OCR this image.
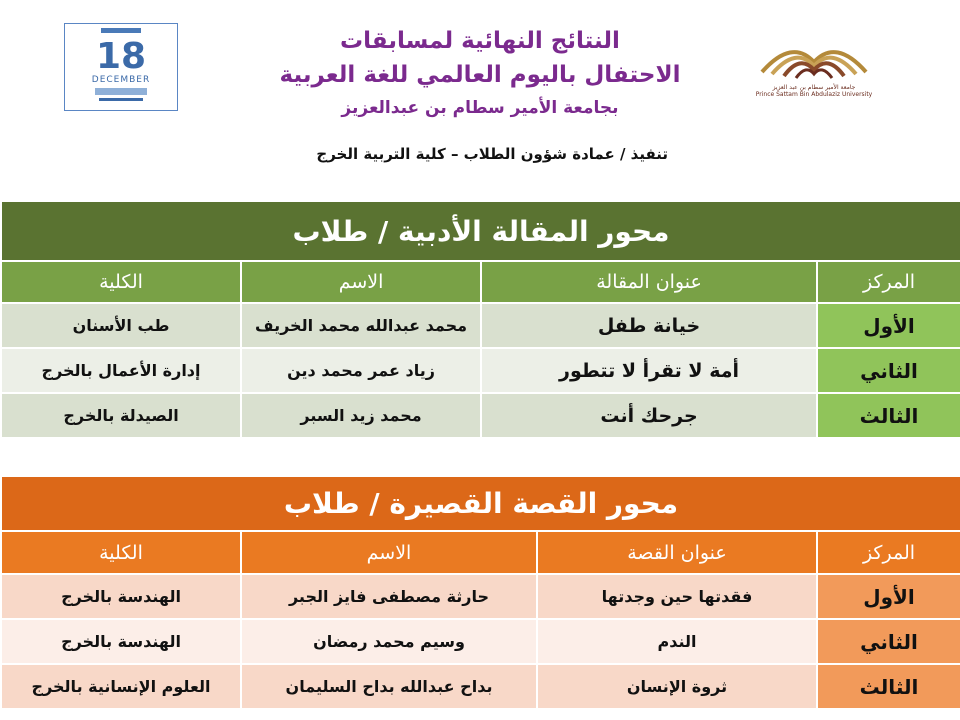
18
DECEMBER
النتائج النهائية لمسابقات
الاحتفال باليوم العالمي للغة العربية
بجامعة الأمير سطام بن عبدالعزيز
جامعة الأمير سطام بن عبد العزيز
Prince Sattam Bin Abdulaziz University
تنفيذ / عمادة شؤون الطلاب – كلية التربية الخرج
محور المقالة الأدبية / طلاب			
المركز	عنوان المقالة	الاسم	الكلية
الأول	خيانة طفل	محمد عبدالله محمد الخريف	طب الأسنان
الثاني	أمة لا تقرأ لا تتطور	زياد عمر محمد دين	إدارة الأعمال بالخرج
الثالث	جرحك أنت	محمد زيد السبر	الصيدلة بالخرج
محور القصة القصيرة / طلاب			
المركز	عنوان القصة	الاسم	الكلية
الأول	فقدتها حين وجدتها	حارثة مصطفى فايز الجبر	الهندسة بالخرج
الثاني	الندم	وسيم محمد رمضان	الهندسة بالخرج
الثالث	ثروة الإنسان	بداح عبدالله بداح السليمان	العلوم الإنسانية بالخرج
